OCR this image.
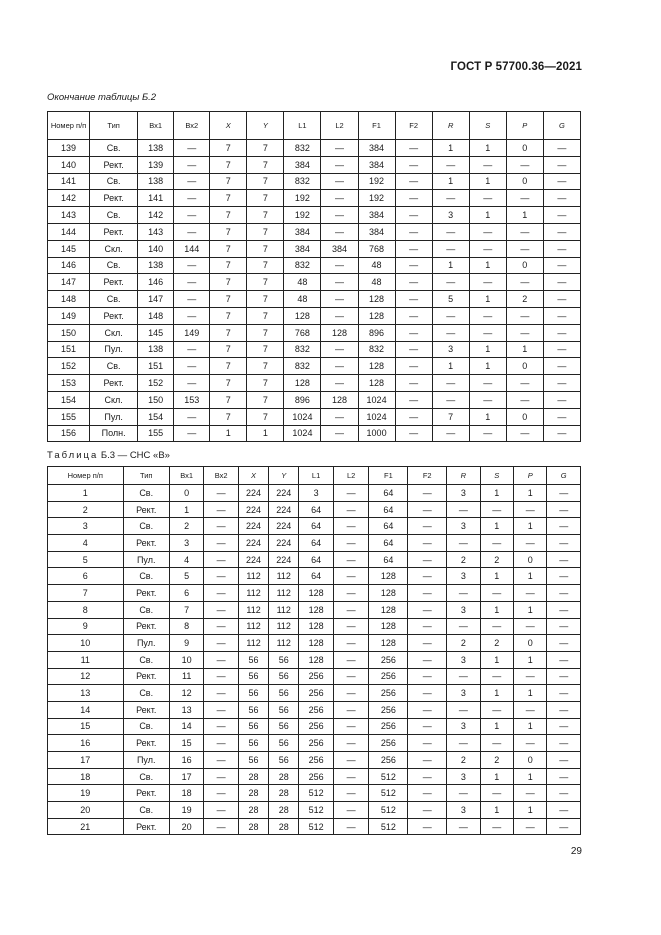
ГОСТ Р 57700.36—2021
Окончание таблицы Б.2
Номер п/п	Тип	Вх1	Вх2	X	Y	L1	L2	F1	F2	R	S	P	G
139	Св.	138	—	7	7	832	—	384	—	1	1	0	—
140	Рект.	139	—	7	7	384	—	384	—	—	—	—	—
141	Св.	138	—	7	7	832	—	192	—	1	1	0	—
142	Рект.	141	—	7	7	192	—	192	—	—	—	—	—
143	Св.	142	—	7	7	192	—	384	—	3	1	1	—
144	Рект.	143	—	7	7	384	—	384	—	—	—	—	—
145	Скл.	140	144	7	7	384	384	768	—	—	—	—	—
146	Св.	138	—	7	7	832	—	48	—	1	1	0	—
147	Рект.	146	—	7	7	48	—	48	—	—	—	—	—
148	Св.	147	—	7	7	48	—	128	—	5	1	2	—
149	Рект.	148	—	7	7	128	—	128	—	—	—	—	—
150	Скл.	145	149	7	7	768	128	896	—	—	—	—	—
151	Пул.	138	—	7	7	832	—	832	—	3	1	1	—
152	Св.	151	—	7	7	832	—	128	—	1	1	0	—
153	Рект.	152	—	7	7	128	—	128	—	—	—	—	—
154	Скл.	150	153	7	7	896	128	1024	—	—	—	—	—
155	Пул.	154	—	7	7	1024	—	1024	—	7	1	0	—
156	Полн.	155	—	1	1	1024	—	1000	—	—	—	—	—
Таблица Б.3 — СНС «В»
Номер п/п	Тип	Вх1	Вх2	X	Y	L1	L2	F1	F2	R	S	P	G
1	Св.	0	—	224	224	3	—	64	—	3	1	1	—
2	Рект.	1	—	224	224	64	—	64	—	—	—	—	—
3	Св.	2	—	224	224	64	—	64	—	3	1	1	—
4	Рект.	3	—	224	224	64	—	64	—	—	—	—	—
5	Пул.	4	—	224	224	64	—	64	—	2	2	0	—
6	Св.	5	—	112	112	64	—	128	—	3	1	1	—
7	Рект.	6	—	112	112	128	—	128	—	—	—	—	—
8	Св.	7	—	112	112	128	—	128	—	3	1	1	—
9	Рект.	8	—	112	112	128	—	128	—	—	—	—	—
10	Пул.	9	—	112	112	128	—	128	—	2	2	0	—
11	Св.	10	—	56	56	128	—	256	—	3	1	1	—
12	Рект.	11	—	56	56	256	—	256	—	—	—	—	—
13	Св.	12	—	56	56	256	—	256	—	3	1	1	—
14	Рект.	13	—	56	56	256	—	256	—	—	—	—	—
15	Св.	14	—	56	56	256	—	256	—	3	1	1	—
16	Рект.	15	—	56	56	256	—	256	—	—	—	—	—
17	Пул.	16	—	56	56	256	—	256	—	2	2	0	—
18	Св.	17	—	28	28	256	—	512	—	3	1	1	—
19	Рект.	18	—	28	28	512	—	512	—	—	—	—	—
20	Св.	19	—	28	28	512	—	512	—	3	1	1	—
21	Рект.	20	—	28	28	512	—	512	—	—	—	—	—
29
